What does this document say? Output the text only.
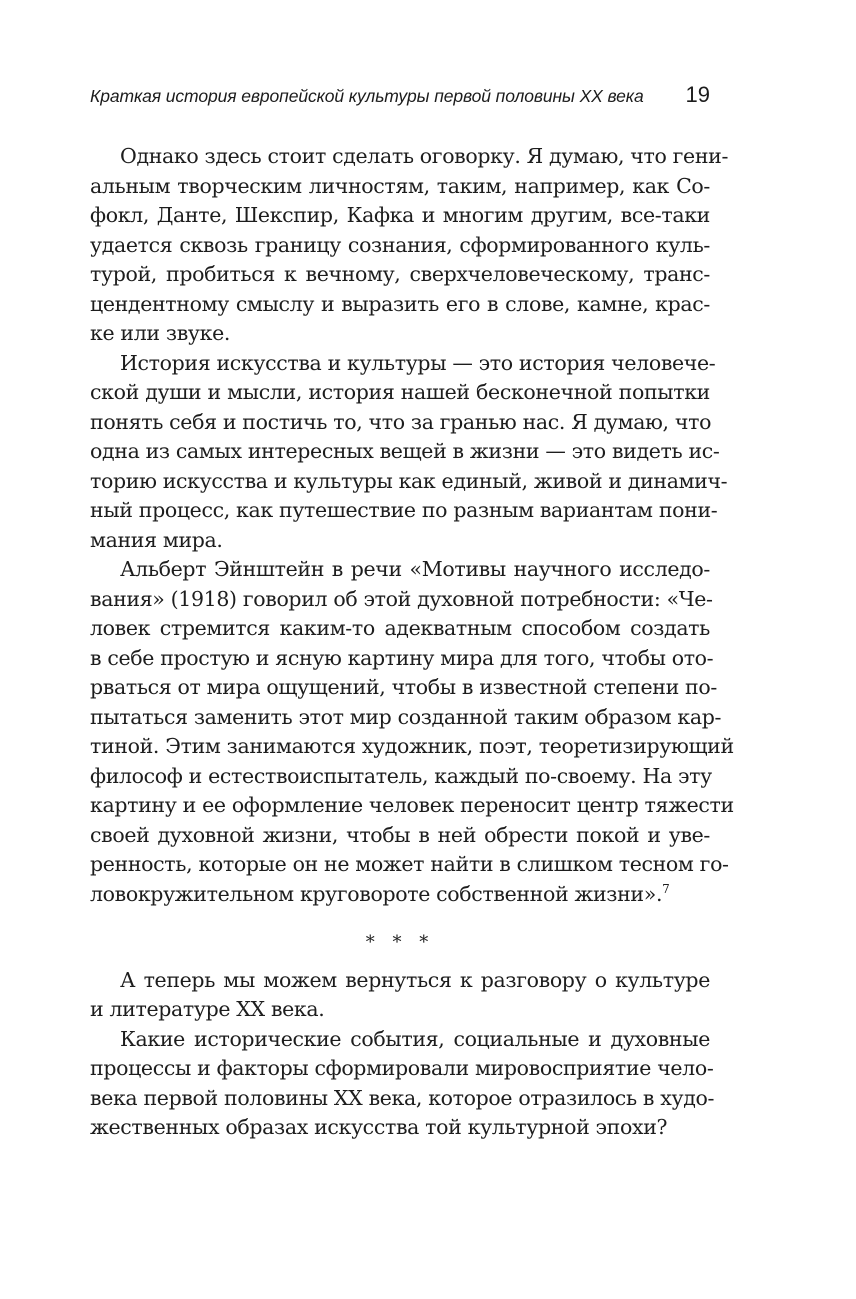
Краткая история европейской культуры первой половины XX века 19

Однако здесь стоит сделать оговорку. Я думаю, что гени-
альным творческим личностям, таким, например, как Со-
фокл, Данте, Шекспир, Кафка и многим другим, все-таки
удается сквозь границу сознания, сформированного куль-
турой, пробиться к вечному, сверхчеловеческому, транс-
цендентному смыслу и выразить его в слове, камне, крас-
ке или звуке.

История искусства и культуры — это история человече-
ской души и мысли, история нашей бесконечной попытки
понять себя и постичь то, что за гранью нас. Я думаю, что
одна из самых интересных вещей в жизни — это видеть ис-
торию искусства и культуры как единый, живой и динамич-
ный процесс, как путешествие по разным вариантам пони-
мания мира.

Альберт Эйнштейн в речи «Мотивы научного исследо-
вания» (1918) говорил об этой духовной потребности: «Че-
ловек стремится каким-то адекватным способом создать
в себе простую и ясную картину мира для того, чтобы ото-
рваться от мира ощущений, чтобы в известной степени по-
пытаться заменить этот мир созданной таким образом кар-
тиной. Этим занимаются художник, поэт, теоретизирующий
философ и естествоиспытатель, каждый по-своему. На эту
картину и ее оформление человек переносит центр тяжести
своей духовной жизни, чтобы в ней обрести покой и уве-
ренность, которые он не может найти в слишком тесном го-
ловокружительном круговороте собственной жизни».$^7$

* * *

А теперь мы можем вернуться к разговору о культуре
и литературе XX века.

Какие исторические события, социальные и духовные
процессы и факторы сформировали мировосприятие чело-
века первой половины XX века, которое отразилось в худо-
жественных образах искусства той культурной эпохи?
